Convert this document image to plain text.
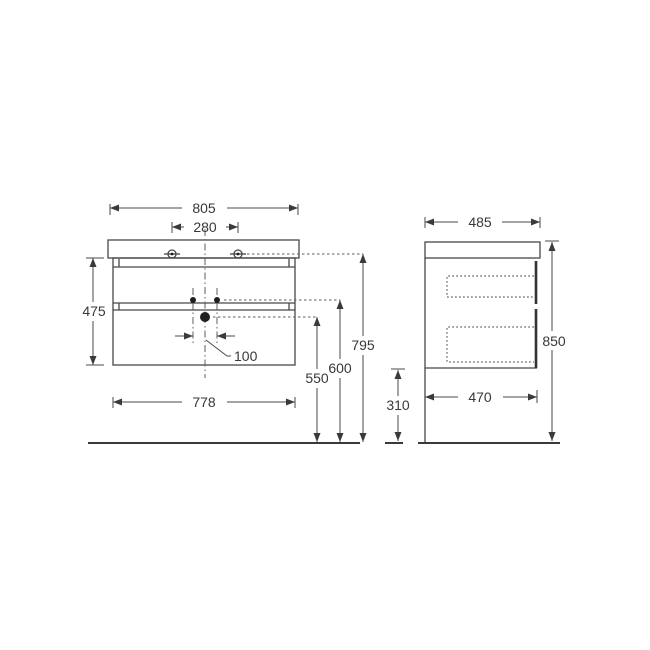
805
280
475
100
550
600
795
778
485
470
310
850
